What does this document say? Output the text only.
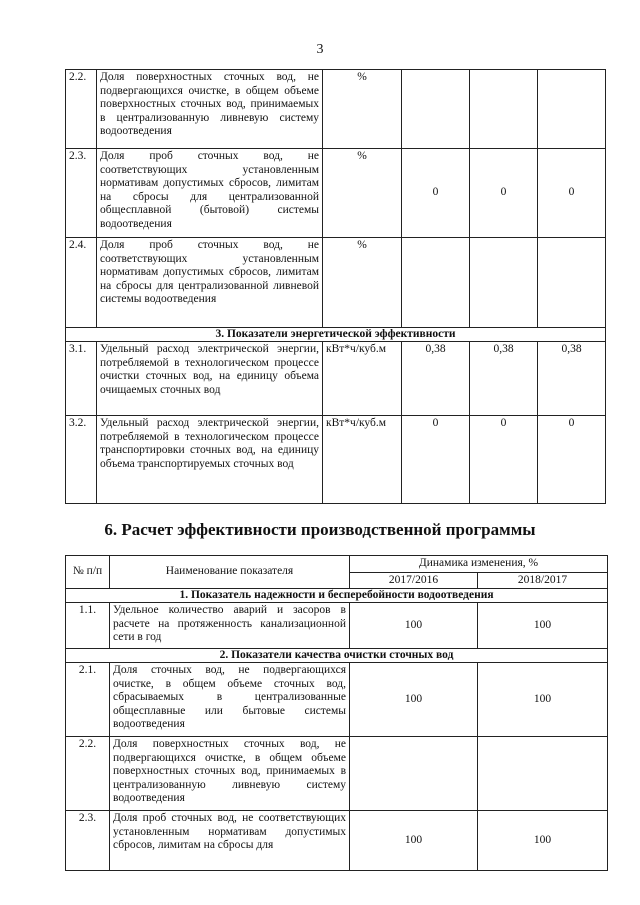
3
2.2.	Доля поверхностных сточных вод, не подвергающихся очистке, в общем объеме поверхностных сточных вод, принимаемых в централизованную ливневую систему водоотведения	%			
2.3.	Доля проб сточных вод, не соответствующих установленным нормативам допустимых сбросов, лимитам на сбросы для централизованной общесплавной (бытовой) системы водоотведения	%	0	0	0
2.4.	Доля проб сточных вод, не соответствующих установленным нормативам допустимых сбросов, лимитам на сбросы для централизованной ливневой системы водоотведения	%			
3. Показатели энергетической эффективности					
3.1.	Удельный расход электрической энергии, потребляемой в технологическом процессе очистки сточных вод, на единицу объема очищаемых сточных вод	кВт*ч/куб.м	0,38	0,38	0,38
3.2.	Удельный расход электрической энергии, потребляемой в технологическом процессе транспортировки сточных вод, на единицу объема транспортируемых сточных вод	кВт*ч/куб.м	0	0	0
6. Расчет эффективности производственной программы
№ п/п	Наименование показателя	Динамика изменения, %	
		2017/2016	2018/2017
1. Показатель надежности и бесперебойности водоотведения			
1.1.	Удельное количество аварий и засоров в расчете на протяженность канализационной сети в год	100	100
2. Показатели качества очистки сточных вод			
2.1.	Доля сточных вод, не подвергающихся очистке, в общем объеме сточных вод, сбрасываемых в централизованные общесплавные или бытовые системы водоотведения	100	100
2.2.	Доля поверхностных сточных вод, не подвергающихся очистке, в общем объеме поверхностных сточных вод, принимаемых в централизованную ливневую систему водоотведения		
2.3.	Доля проб сточных вод, не соответствующих установленным нормативам допустимых сбросов, лимитам на сбросы для	100	100
